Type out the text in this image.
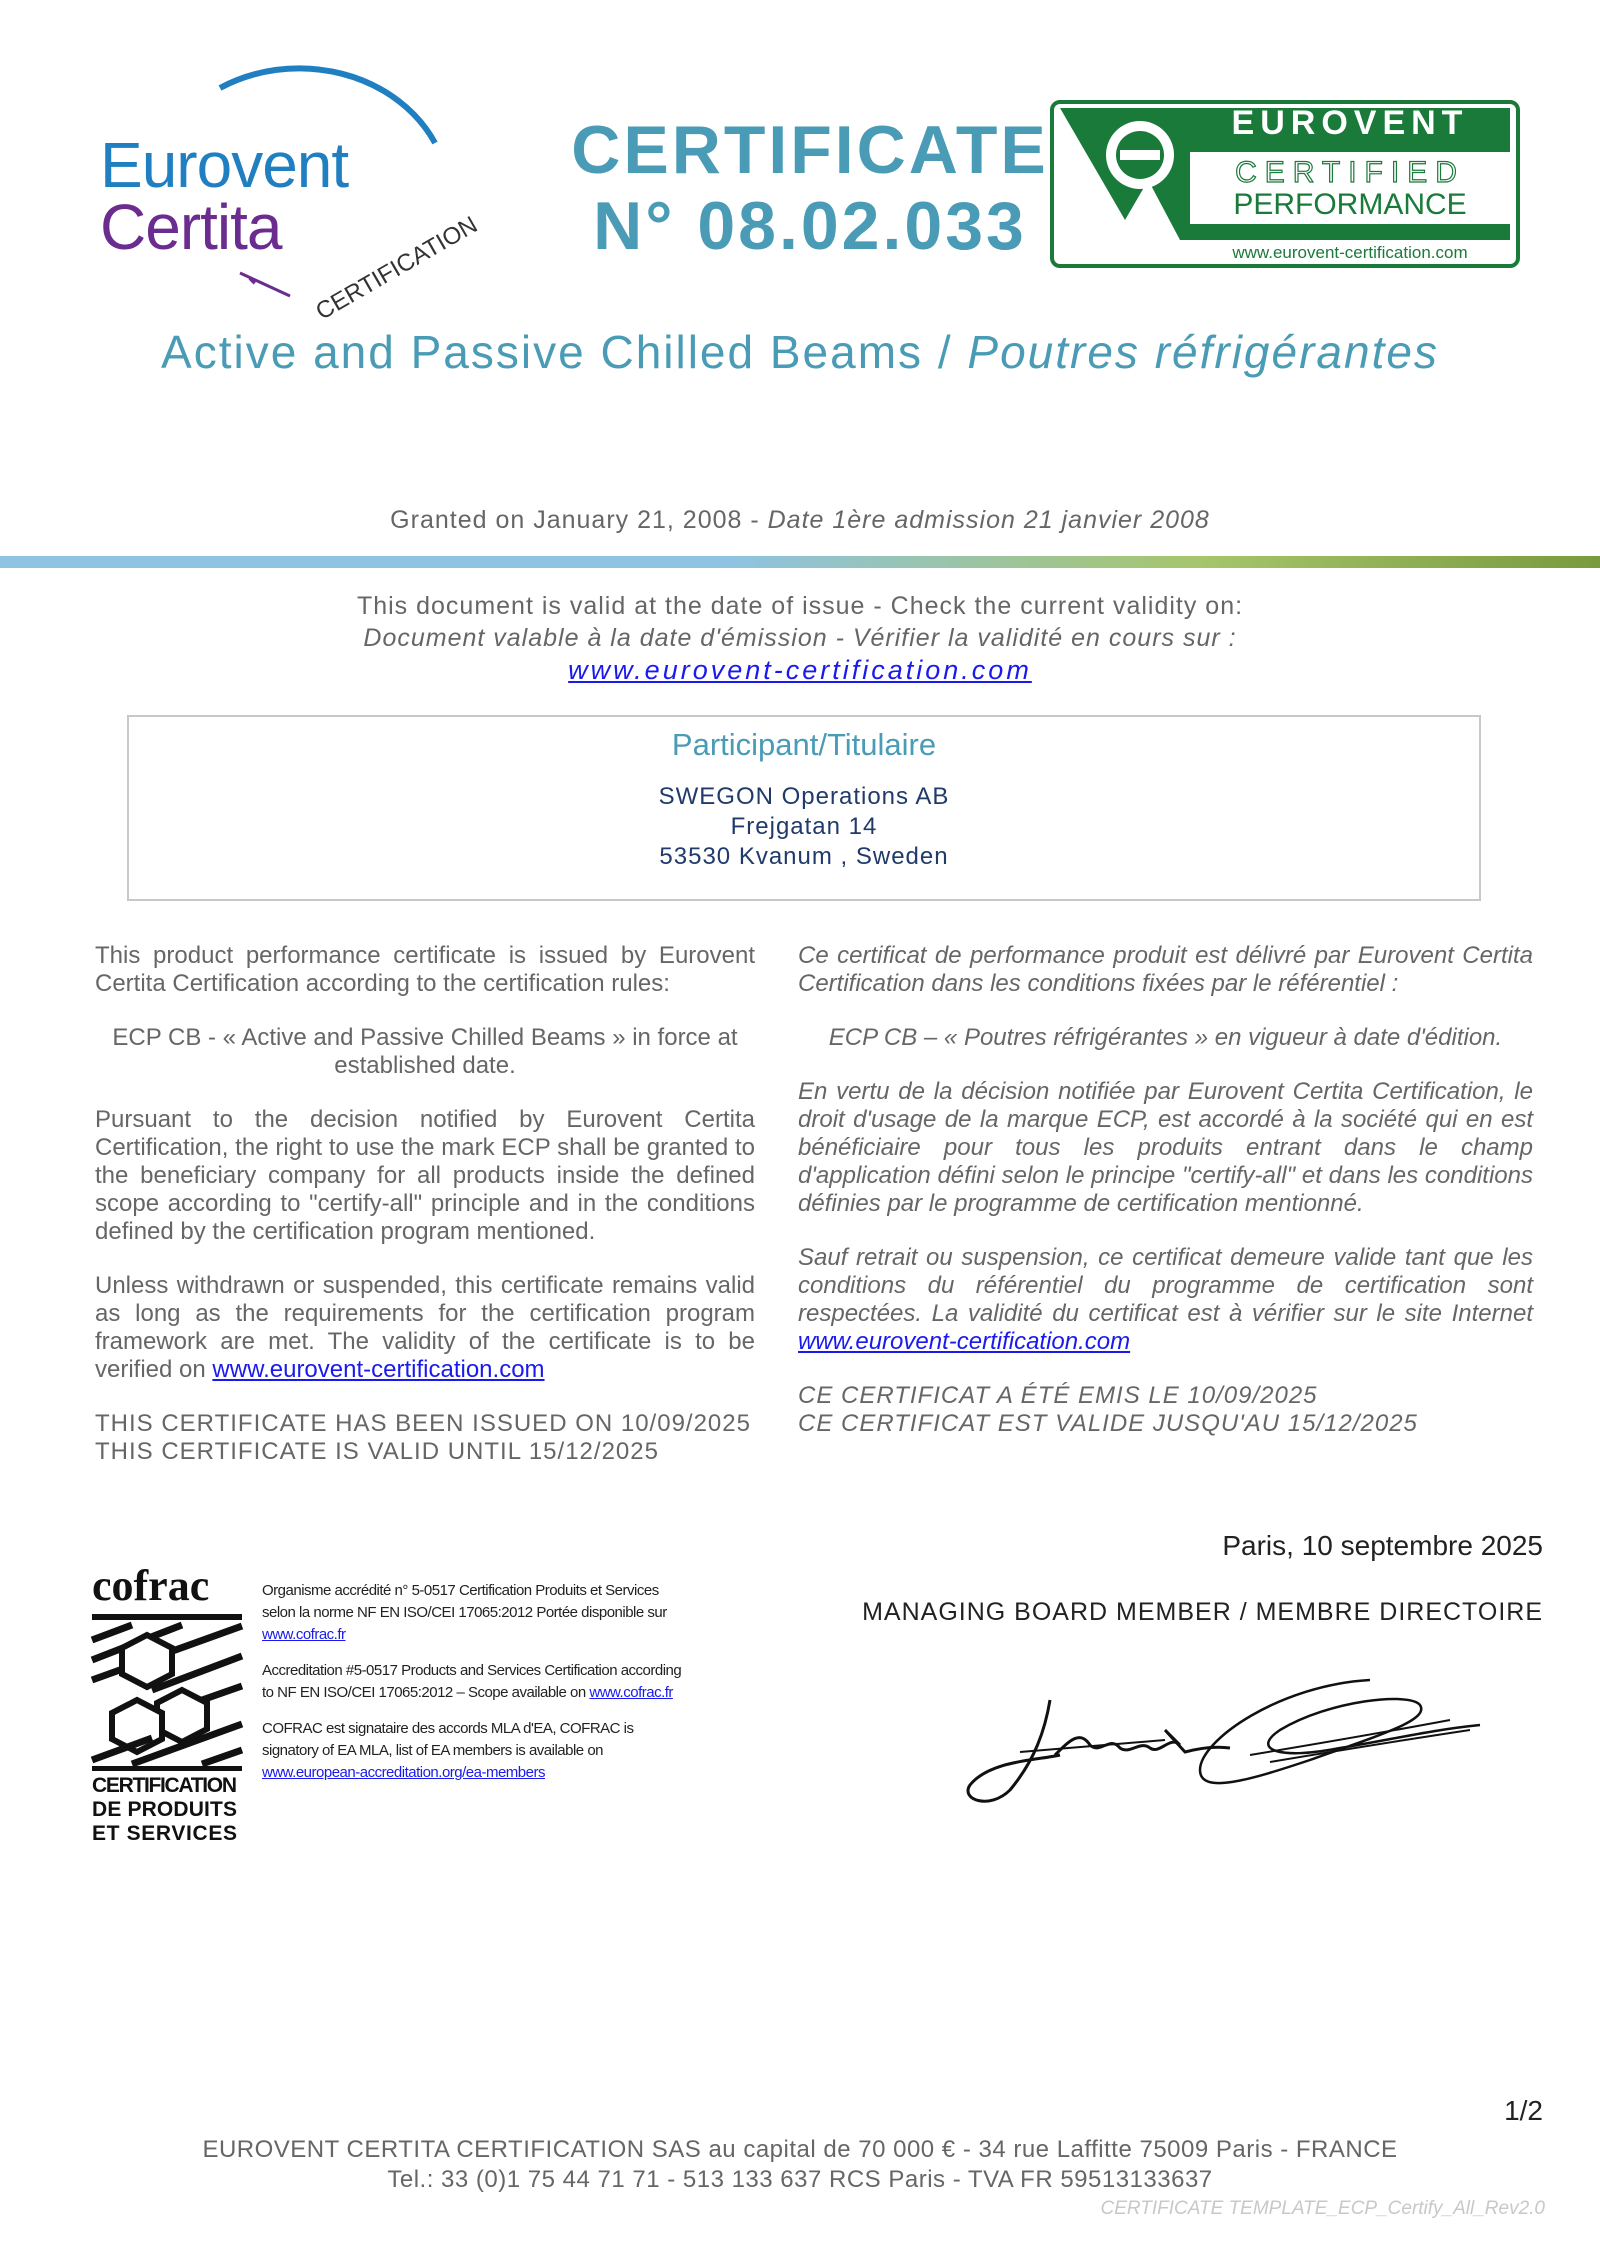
CERTIFICATION
Eurovent
Certita
CERTIFICATE
N° 08.02.033
EUROVENT
CERTIFIED
PERFORMANCE
www.eurovent-certification.com
Active and Passive Chilled Beams / Poutres réfrigérantes
Granted on January 21, 2008 - Date 1ère admission 21 janvier 2008
This document is valid at the date of issue - Check the current validity on:
Document valable à la date d'émission - Vérifier la validité en cours sur :
www.eurovent-certification.com
Participant/Titulaire
SWEGON Operations AB
Frejgatan 14
53530 Kvanum , Sweden

This product performance certificate is issued by Eurovent Certita Certification according to the certification rules:

ECP CB - « Active and Passive Chilled Beams » in force at established date.

Pursuant to the decision notified by Eurovent Certita Certification, the right to use the mark ECP shall be granted to the beneficiary company for all products inside the defined scope according to "certify-all" principle and in the conditions defined by the certification program mentioned.

Unless withdrawn or suspended, this certificate remains valid as long as the requirements for the certification program framework are met. The validity of the certificate is to be verified on www.eurovent-certification.com

THIS CERTIFICATE HAS BEEN ISSUED ON 10/09/2025
THIS CERTIFICATE IS VALID UNTIL 15/12/2025

Ce certificat de performance produit est délivré par Eurovent Certita Certification dans les conditions fixées par le référentiel :

ECP CB – « Poutres réfrigérantes » en vigueur à date d'édition.

En vertu de la décision notifiée par Eurovent Certita Certification, le droit d'usage de la marque ECP, est accordé à la société qui en est bénéficiaire pour tous les produits entrant dans le champ d'application défini selon le principe "certify-all" et dans les conditions définies par le programme de certification mentionné.

Sauf retrait ou suspension, ce certificat demeure valide tant que les conditions du référentiel du programme de certification sont respectées. La validité du certificat est à vérifier sur le site Internet www.eurovent-certification.com

CE CERTIFICAT A ÉTÉ EMIS LE 10/09/2025
CE CERTIFICAT EST VALIDE JUSQU'AU 15/12/2025
cofrac
CERTIFICATION
DE PRODUITS
ET SERVICES

Organisme accrédité n° 5-0517 Certification Produits et Services selon la norme NF EN ISO/CEI 17065:2012 Portée disponible sur www.cofrac.fr

Accreditation #5-0517 Products and Services Certification according to NF EN ISO/CEI 17065:2012 – Scope available on www.cofrac.fr

COFRAC est signataire des accords MLA d'EA, COFRAC is signatory of EA MLA, list of EA members is available on www.european-accreditation.org/ea-members

Paris, 10 septembre 2025
MANAGING BOARD MEMBER / MEMBRE DIRECTOIRE
1/2
EUROVENT CERTITA CERTIFICATION SAS au capital de 70 000 € - 34 rue Laffitte 75009 Paris - FRANCE
Tel.: 33 (0)1 75 44 71 71 - 513 133 637 RCS Paris - TVA FR 59513133637
CERTIFICATE TEMPLATE_ECP_Certify_All_Rev2.0
